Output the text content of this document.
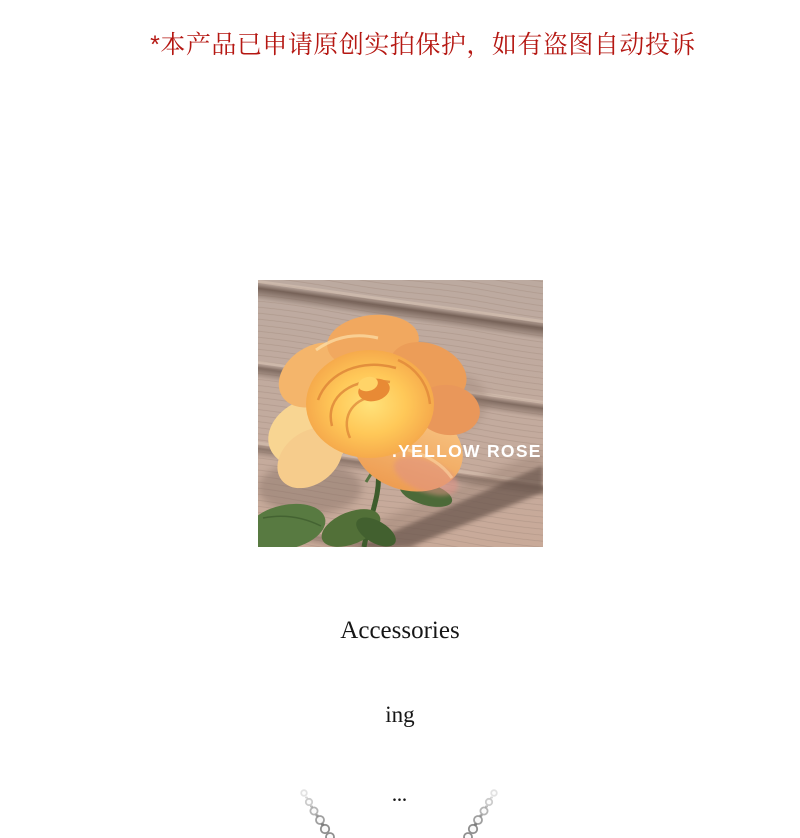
*本产品已申请原创实拍保护，如有盗图自动投诉
.YELLOW ROSE
Accessories
ing
...
